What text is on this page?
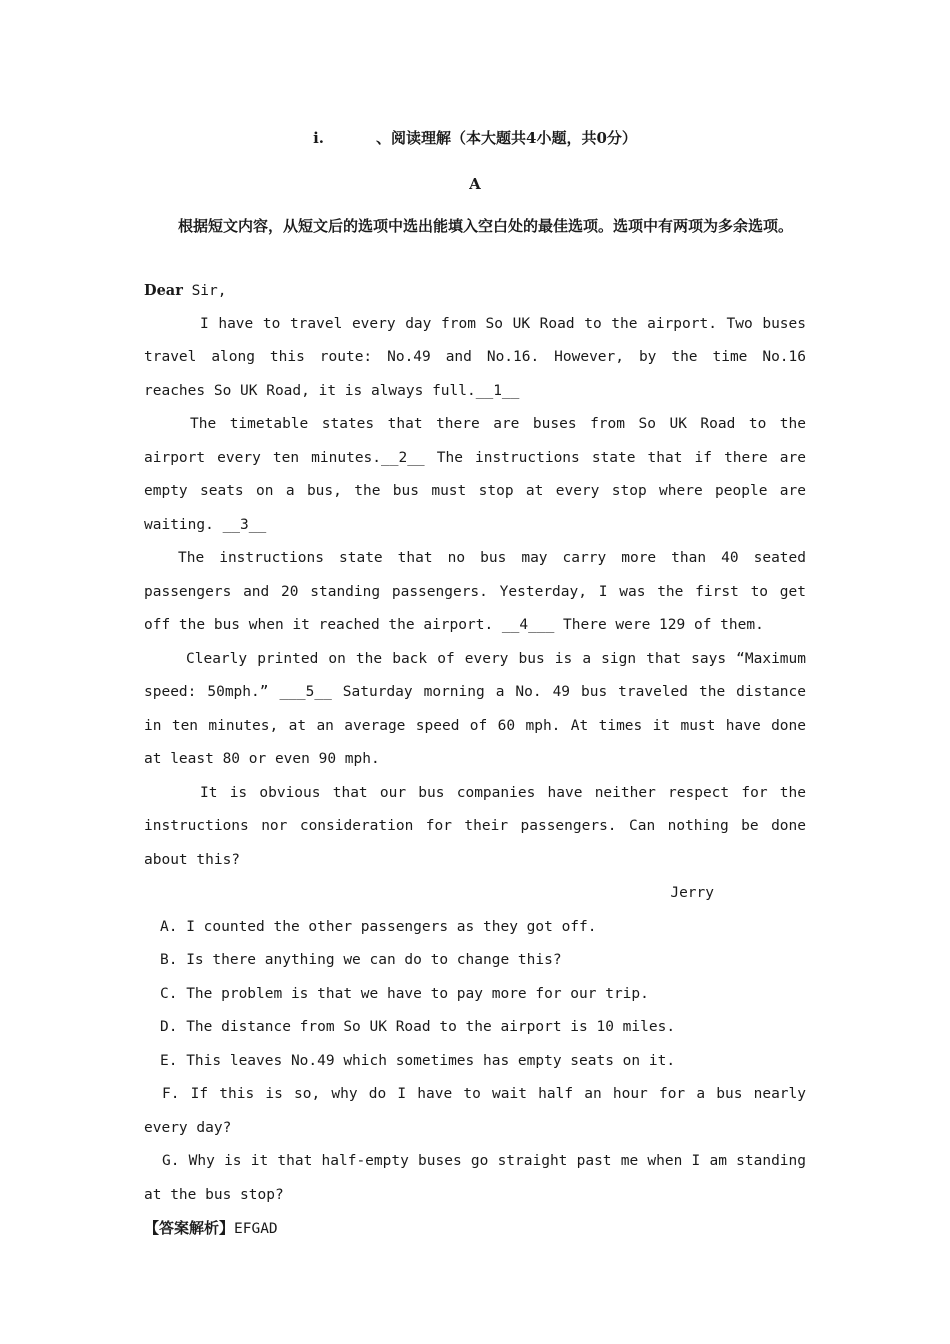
i.	、阅读理解（本大题共4小题，共0分）
A
根据短文内容，从短文后的选项中选出能填入空白处的最佳选项。选项中有两项为多余选项。
Dear Sir,
I have to travel every day from So UK Road to the airport. Two buses travel along this route: No.49 and No.16. However, by the time No.16 reaches So UK Road, it is always full.__1__
The timetable states that there are buses from So UK Road to the airport every ten minutes.__2__ The instructions state that if there are empty seats on a bus, the bus must stop at every stop where people are waiting. __3__
The instructions state that no bus may carry more than 40 seated passengers and 20 standing passengers. Yesterday, I was the first to get off the bus when it reached the airport. __4___ There were 129 of them.
Clearly printed on the back of every bus is a sign that says “Maximum speed: 50mph.” ___5__ Saturday morning a No. 49 bus traveled the distance in ten minutes, at an average speed of 60 mph. At times it must have done at least 80 or even 90 mph.
It is obvious that our bus companies have neither respect for the instructions nor consideration for their passengers. Can nothing be done about this?
Jerry
A. I counted the other passengers as they got off.
B. Is there anything we can do to change this?
C. The problem is that we have to pay more for our trip.
D. The distance from So UK Road to the airport is 10 miles.
E. This leaves No.49 which sometimes has empty seats on it.
F. If this is so, why do I have to wait half an hour for a bus nearly every day?
G. Why is it that half-empty buses go straight past me when I am standing at the bus stop?
【答案解析】EFGAD
